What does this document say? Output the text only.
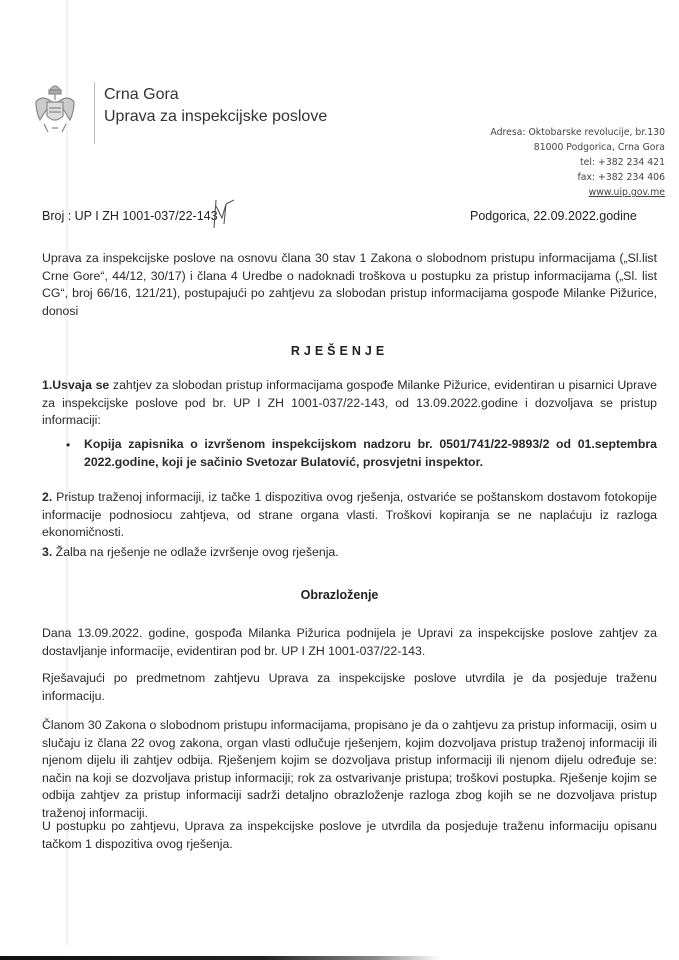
Crna Gora
Uprava za inspekcijske poslove
Adresa: Oktobarske revolucije, br.130
81000 Podgorica, Crna Gora
tel: +382 234 421
fax: +382 234 406
www.uip.gov.me
Broj : UP I ZH 1001-037/22-143	Podgorica, 22.09.2022.godine
Uprava za inspekcijske poslove na osnovu člana 30 stav 1 Zakona o slobodnom pristupu informacijama („Sl.list Crne Gore“, 44/12, 30/17) i člana 4 Uredbe o nadoknadi troškova u postupku za pristup informacijama („Sl. list CG“, broj 66/16, 121/21), postupajući po zahtjevu za slobodan pristup informacijama gospođe Milanke Pižurice, donosi
RJEŠENJE
1.Usvaja se zahtjev za slobodan pristup informacijama gospođe Milanke Pižurice, evidentiran u pisarnici Uprave za inspekcijske poslove pod br. UP I ZH 1001-037/22-143, od 13.09.2022.godine i dozvoljava se pristup informaciji:
• Kopija zapisnika o izvršenom inspekcijskom nadzoru br. 0501/741/22-9893/2 od 01.septembra 2022.godine, koji je sačinio Svetozar Bulatović, prosvjetni inspektor.
2. Pristup traženoj informaciji, iz tačke 1 dispozitiva ovog rješenja, ostvariće se poštanskom dostavom fotokopije informacije podnosiocu zahtjeva, od strane organa vlasti. Troškovi kopiranja se ne naplaćuju iz razloga ekonomičnosti.
3. Žalba na rješenje ne odlaže izvršenje ovog rješenja.
Obrazloženje
Dana 13.09.2022. godine, gospođa Milanka Pižurica podnijela je Upravi za inspekcijske poslove zahtjev za dostavljanje informacije, evidentiran pod br. UP I ZH 1001-037/22-143.
Rješavajući po predmetnom zahtjevu Uprava za inspekcijske poslove utvrdila je da posjeduje traženu informaciju.
Članom 30 Zakona o slobodnom pristupu informacijama, propisano je da o zahtjevu za pristup informaciji, osim u slučaju iz člana 22 ovog zakona, organ vlasti odlučuje rješenjem, kojim dozvoljava pristup traženoj informaciji ili njenom dijelu ili zahtjev odbija. Rješenjem kojim se dozvoljava pristup informaciji ili njenom dijelu određuje se: način na koji se dozvoljava pristup informaciji; rok za ostvarivanje pristupa; troškovi postupka. Rješenje kojim se odbija zahtjev za pristup informaciji sadrži detaljno obrazloženje razloga zbog kojih se ne dozvoljava pristup traženoj informaciji.
U postupku po zahtjevu, Uprava za inspekcijske poslove je utvrdila da posjeduje traženu informaciju opisanu tačkom 1 dispozitiva ovog rješenja.
